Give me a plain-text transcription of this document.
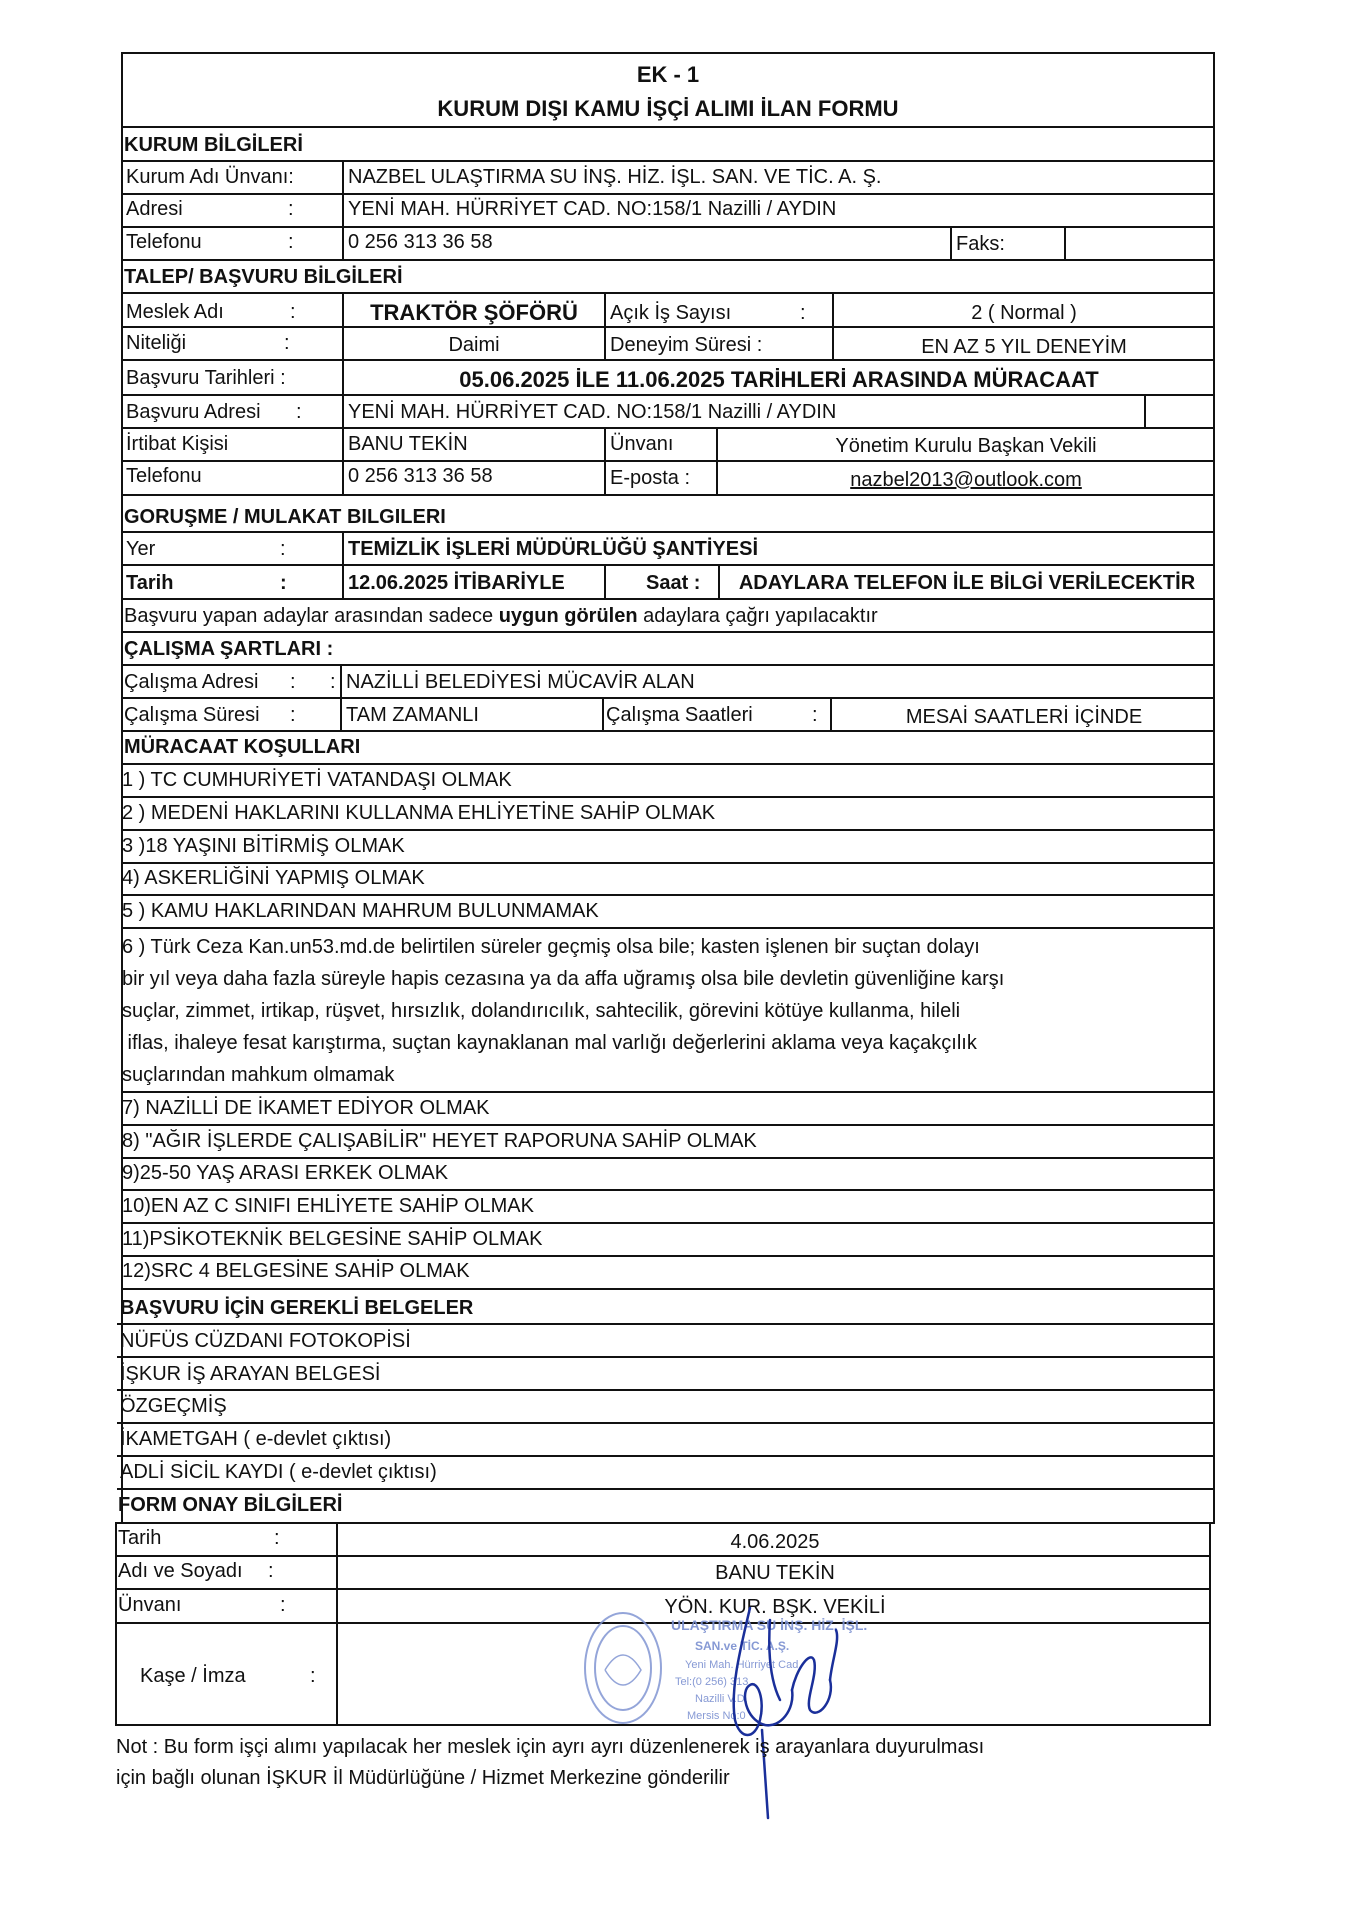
EK - 1
KURUM DIŞI KAMU İŞÇİ ALIMI İLAN FORMU
KURUM BİLGİLERİ
Kurum Adı Ünvanı:	NAZBEL ULAŞTIRMA SU İNŞ. HİZ. İŞL. SAN. VE TİC. A. Ş.
Adresi	:	YENİ MAH. HÜRRİYET CAD. NO:158/1 Nazilli / AYDIN
Telefonu	:	0 256 313 36 58	Faks:
TALEP/ BAŞVURU BİLGİLERİ
Meslek Adı	:	TRAKTÖR ŞÖFÖRÜ	Açık İş Sayısı	:	2 ( Normal )
Niteliği	:	Daimi	Deneyim Süresi :	EN AZ 5 YIL DENEYİM
Başvuru Tarihleri :	05.06.2025 İLE 11.06.2025 TARİHLERİ ARASINDA MÜRACAAT
Başvuru Adresi : YENİ MAH. HÜRRİYET CAD. NO:158/1 Nazilli / AYDIN
İrtibat Kişisi	BANU TEKİN	Ünvanı	Yönetim Kurulu Başkan Vekili
Telefonu	0 256 313 36 58	E-posta :	nazbel2013@outlook.com
GORUŞME / MULAKAT BILGILERI
Yer	:	TEMİZLİK İŞLERİ MÜDÜRLÜĞÜ ŞANTİYESİ
Tarih	:	12.06.2025 İTİBARİYLE	Saat :	ADAYLARA TELEFON İLE BİLGİ VERİLECEKTİR
Başvuru yapan adaylar arasından sadece uygun görülen adaylara çağrı yapılacaktır
ÇALIŞMA ŞARTLARI :
Çalışma Adresi : : NAZİLLİ BELEDİYESİ MÜCAVİR ALAN
Çalışma Süresi :	TAM ZAMANLI	Çalışma Saatleri	:	MESAİ SAATLERİ İÇİNDE
MÜRACAAT KOŞULLARI
1 ) TC CUMHURİYETİ VATANDAŞI OLMAK
2 ) MEDENİ HAKLARINI KULLANMA EHLİYETİNE SAHİP OLMAK
3 )18 YAŞINI BİTİRMİŞ OLMAK
4) ASKERLİĞİNİ YAPMIŞ OLMAK
5 ) KAMU HAKLARINDAN MAHRUM BULUNMAMAK
6 ) Türk Ceza Kan.un53.md.de belirtilen süreler geçmiş olsa bile; kasten işlenen bir suçtan dolayı
bir yıl veya daha fazla süreyle hapis cezasına ya da affa uğramış olsa bile devletin güvenliğine karşı
suçlar, zimmet, irtikap, rüşvet, hırsızlık, dolandırıcılık, sahtecilik, görevini kötüye kullanma, hileli
iflas, ihaleye fesat karıştırma, suçtan kaynaklanan mal varlığı değerlerini aklama veya kaçakçılık
suçlarından mahkum olmamak
7) NAZİLLİ DE İKAMET EDİYOR OLMAK
8) "AĞIR İŞLERDE ÇALIŞABİLİR" HEYET RAPORUNA SAHİP OLMAK
9)25-50 YAŞ ARASI ERKEK OLMAK
10)EN AZ C SINIFI EHLİYETE SAHİP OLMAK
11)PSİKOTEKNİK BELGESİNE SAHİP OLMAK
12)SRC 4 BELGESİNE SAHİP OLMAK
BAŞVURU İÇİN GEREKLİ BELGELER
NÜFÜS CÜZDANI FOTOKOPİSİ
İŞKUR İŞ ARAYAN BELGESİ
ÖZGEÇMİŞ
İKAMETGAH ( e-devlet çıktısı)
ADLİ SİCİL KAYDI ( e-devlet çıktısı)
FORM ONAY BİLGİLERİ
Tarih	:	4.06.2025
Adı ve Soyadı :	BANU TEKİN
Ünvanı	:	YÖN. KUR. BŞK. VEKİLİ
Kaşe / İmza	:
ULAŞTIRMA SU İNŞ. HİZ. İŞL.
SAN.ve TİC. A.Ş.
Yeni Mah. Hürriyet Cad.
Tel:(0 256) 313
Nazilli V.D.
Mersis No:0
Not : Bu form işçi alımı yapılacak her meslek için ayrı ayrı düzenlenerek iş arayanlara duyurulması
için bağlı olunan İŞKUR İl Müdürlüğüne / Hizmet Merkezine gönderilir
